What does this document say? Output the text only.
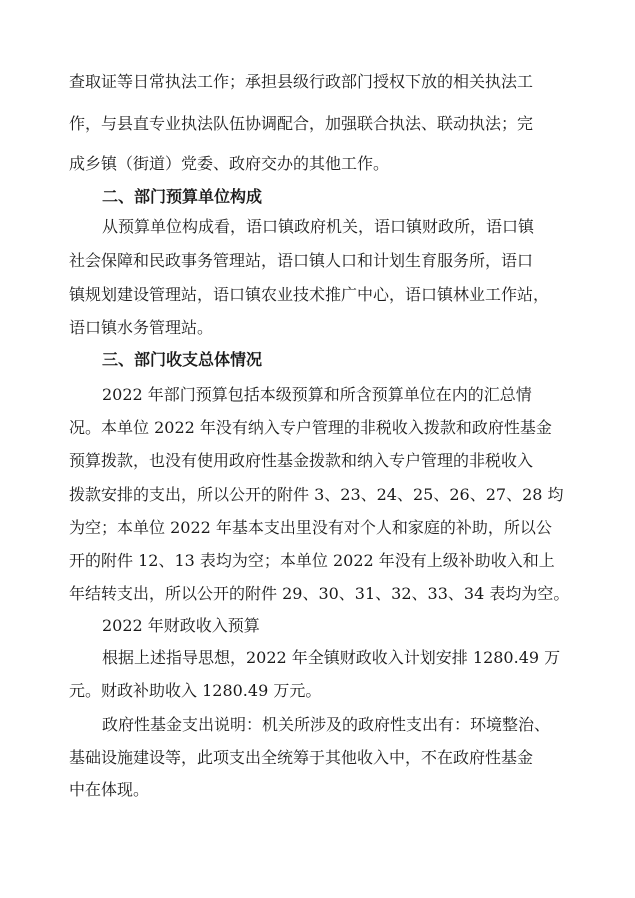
查取证等日常执法工作；承担县级行政部门授权下放的相关执法工

作，与县直专业执法队伍协调配合，加强联合执法、联动执法；完

成乡镇（街道）党委、政府交办的其他工作。

二、部门预算单位构成

从预算单位构成看，语口镇政府机关，语口镇财政所，语口镇

社会保障和民政事务管理站，语口镇人口和计划生育服务所，语口

镇规划建设管理站，语口镇农业技术推广中心，语口镇林业工作站，

语口镇水务管理站。

三、部门收支总体情况

2022 年部门预算包括本级预算和所含预算单位在内的汇总情

况。本单位 2022 年没有纳入专户管理的非税收入拨款和政府性基金

预算拨款，也没有使用政府性基金拨款和纳入专户管理的非税收入

拨款安排的支出，所以公开的附件 3、23、24、25、26、27、28 均

为空；本单位 2022 年基本支出里没有对个人和家庭的补助，所以公

开的附件 12、13 表均为空；本单位 2022 年没有上级补助收入和上

年结转支出，所以公开的附件 29、30、31、32、33、34 表均为空。

2022 年财政收入预算

根据上述指导思想，2022 年全镇财政收入计划安排 1280.49 万

元。财政补助收入 1280.49 万元。

政府性基金支出说明：机关所涉及的政府性支出有：环境整治、

基础设施建设等，此项支出全统筹于其他收入中，不在政府性基金

中在体现。
